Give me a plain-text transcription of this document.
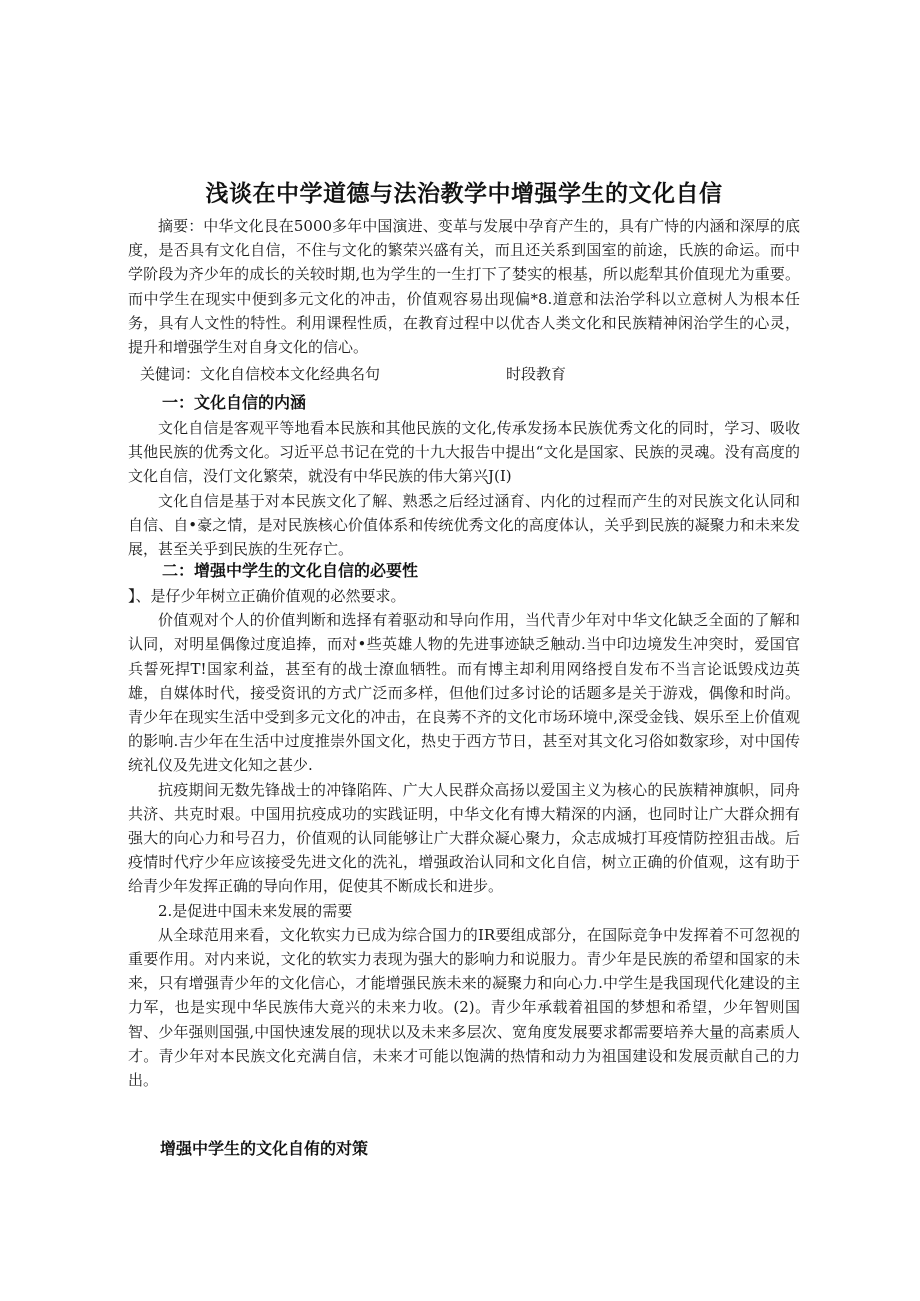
浅谈在中学道德与法治教学中增强学生的文化自信

摘要：中华文化艮在5000多年中国演进、变革与发展中孕育产生的，具有广恃的内涵和深厚的底度，是否具有文化自信，不住与文化的繁荣兴盛有关，而且还关系到国室的前途，氏族的命运。而中学阶段为齐少年的成长的关较时期,也为学生的一生打下了婪实的根基，所以彪犁其价值现尤为重要。而中学生在现实中便到多元文化的冲击，价值观容易出现偏*8.道意和法治学科以立意树人为根本任务，具有人文性的特性。利用课程性质，在教育过程中以优杏人类文化和民族精神闲治学生的心灵，提升和增强学生对自身文化的信心。

关健词：文化自信校本文化经典名句	时段教育
一：文化自信的内涵

文化自信是客观平等地看本民族和其他民族的文化,传承发扬本民族优秀文化的同时，学习、吸收其他民族的优秀文化。习近平总书记在党的十九大报告中提出“文化是国家、民族的灵魂。没有高度的文化自信，没仃文化繁荣，就没有中华民族的伟大第兴J(I)

文化自信是基于对本民族文化了解、熟悉之后经过涵育、内化的过程而产生的对民族文化认同和自信、自•豪之情，是对民族核心价值体系和传统优秀文化的高度体认，关乎到民族的凝聚力和未来发展，甚至关乎到民族的生死存亡。

二：增强中学生的文化自信的必要性

】、是仔少年树立正确价值观的必然要求。

价值观对个人的价值判断和选择有着驱动和导向作用，当代青少年对中华文化缺乏全面的了解和认同，对明星偶像过度追捧，而对•些英雄人物的先进事迹缺乏触动.当中印边境发生冲突时，爱国官兵誓死捍T!国家利益，甚至有的战士潦血牺牲。而有博主却利用网络授自发布不当言论诋毁戍边英雄，自媒体时代，接受资讯的方式广泛而多样，但他们过多讨论的话题多是关于游戏，偶像和时尚。青少年在现实生活中受到多元文化的冲击，在良莠不齐的文化市场环境中,深受金钱、娱乐至上价值观的影响.吉少年在生活中过度推崇外国文化，热史于西方节日，甚至对其文化习俗如数家珍，对中国传统礼仪及先进文化知之甚少.

抗疫期间无数先锋战士的冲锋陷阵、广大人民群众高扬以爱国主义为核心的民族精神旗帜，同舟共济、共克时艰。中国用抗疫成功的实践证明，中华文化有博大精深的内涵，也同时让广大群众拥有强大的向心力和号召力，价值观的认同能够让广大群众凝心聚力，众志成城打耳疫情防控狙击战。后疫情时代疗少年应该接受先进文化的洗礼，增强政治认同和文化自信，树立正确的价值观，这有助于给青少年发挥正确的导向作用，促使其不断成长和进步。

2.是促进中国未来发展的需要

从全球范用来看，文化软实力已成为综合国力的IR要组成部分，在国际竞争中发挥着不可忽视的重要作用。对内来说，文化的软实力表现为强大的影响力和说服力。青少年是民族的希望和国家的未来，只有增强青少年的文化信心，才能增强民族未来的凝聚力和向心力.中学生是我国现代化建设的主力军，也是实现中华民族伟大竟兴的未来力收。(2)。青少年承载着祖国的梦想和希望，少年智则国智、少年强则国强,中国快速发展的现状以及未来多层次、宽角度发展要求都需要培养大量的高素质人才。青少年对本民族文化充满自信，未来才可能以饱满的热情和动力为祖国建设和发展贡献自己的力出。

增强中学生的文化自侑的对策
